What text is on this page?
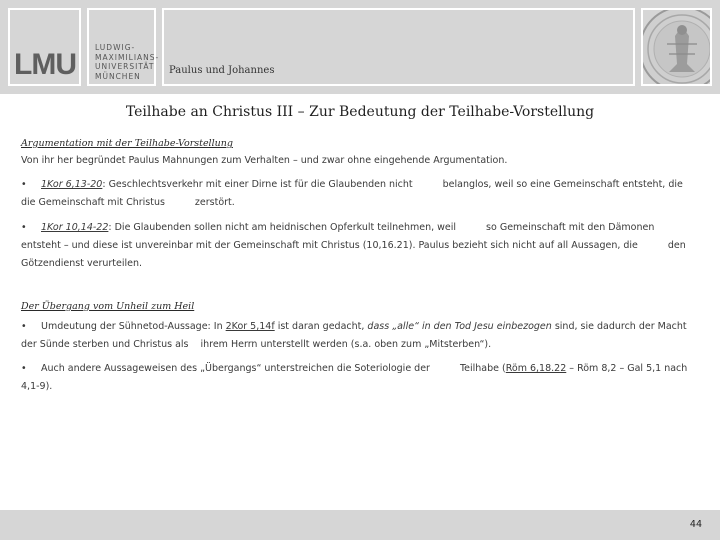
LMU
LUDWIG-
MAXIMILIANS-
UNIVERSITÄT
MÜNCHEN	Paulus und Johannes
Teilhabe an Christus III – Zur Bedeutung der Teilhabe-Vorstellung
Argumentation mit der Teilhabe-Vorstellung
Von ihr her begründet Paulus Mahnungen zum Verhalten – und zwar ohne eingehende Argumentation.
• 1Kor 6,13-20: Geschlechtsverkehr mit einer Dirne ist für die Glaubenden nicht	belanglos, weil so eine Gemeinschaft entsteht, die
die Gemeinschaft mit Christus	zerstört.
• 1Kor 10,14-22: Die Glaubenden sollen nicht am heidnischen Opferkult teilnehmen, weil	so Gemeinschaft mit den Dämonen
entsteht – und diese ist unvereinbar mit der Gemeinschaft mit Christus (10,16.21). Paulus bezieht sich nicht auf all Aussagen, die	den
Götzendienst verurteilen.
Der Übergang vom Unheil zum Heil
• Umdeutung der Sühnetod-Aussage: In 2Kor 5,14f ist daran gedacht, dass „alle“ in den Tod Jesu einbezogen sind, sie dadurch der Macht
der Sünde sterben und Christus als ihrem Herrn unterstellt werden (s.a. oben zum „Mitsterben“).
• Auch andere Aussageweisen des „Übergangs“ unterstreichen die Soteriologie der	Teilhabe (Röm 6,18.22 – Röm 8,2 – Gal 5,1 nach
4,1-9).
44
